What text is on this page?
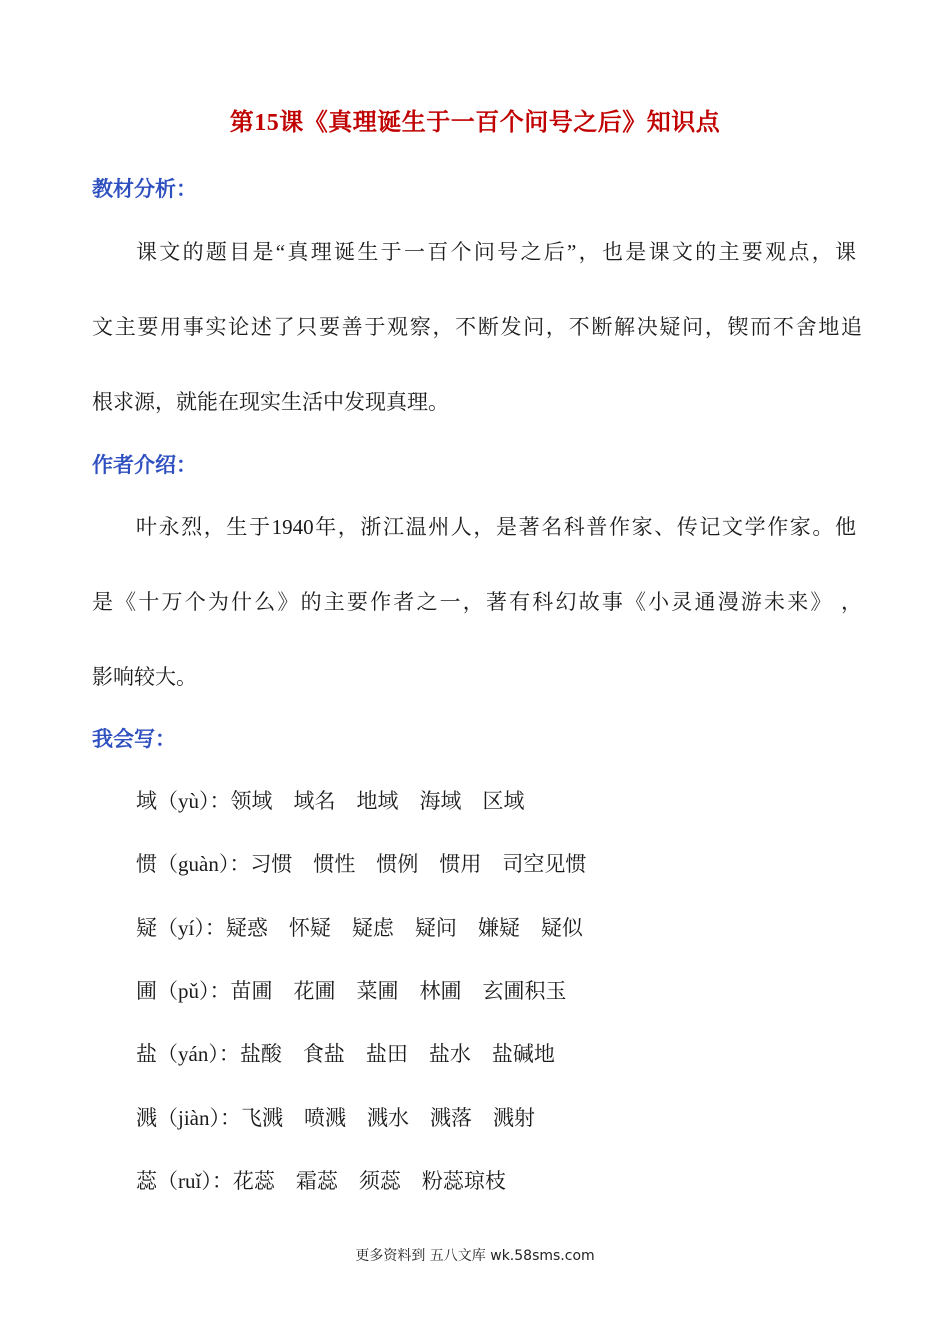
第15课《真理诞生于一百个问号之后》知识点
教材分析：
课文的题目是“真理诞生于一百个问号之后”，也是课文的主要观点，课
文主要用事实论述了只要善于观察，不断发问，不断解决疑问，锲而不舍地追
根求源，就能在现实生活中发现真理。
作者介绍：
叶永烈，生于1940年，浙江温州人，是著名科普作家、传记文学作家。他
是《十万个为什么》的主要作者之一，著有科幻故事《小灵通漫游未来》 ，
影响较大。
我会写：
域（yù）：领域　域名　地域　海域　区域
惯（guàn）：习惯　惯性　惯例　惯用　司空见惯
疑（yí）：疑惑　怀疑　疑虑　疑问　嫌疑　疑似
圃（pǔ）：苗圃　花圃　菜圃　林圃　玄圃积玉
盐（yán）：盐酸　食盐　盐田　盐水　盐碱地
溅（jiàn）：飞溅　喷溅　溅水　溅落　溅射
蕊（ruǐ）：花蕊　霜蕊　须蕊　粉蕊琼枝
更多资料到 五八文库 wk.58sms.com
